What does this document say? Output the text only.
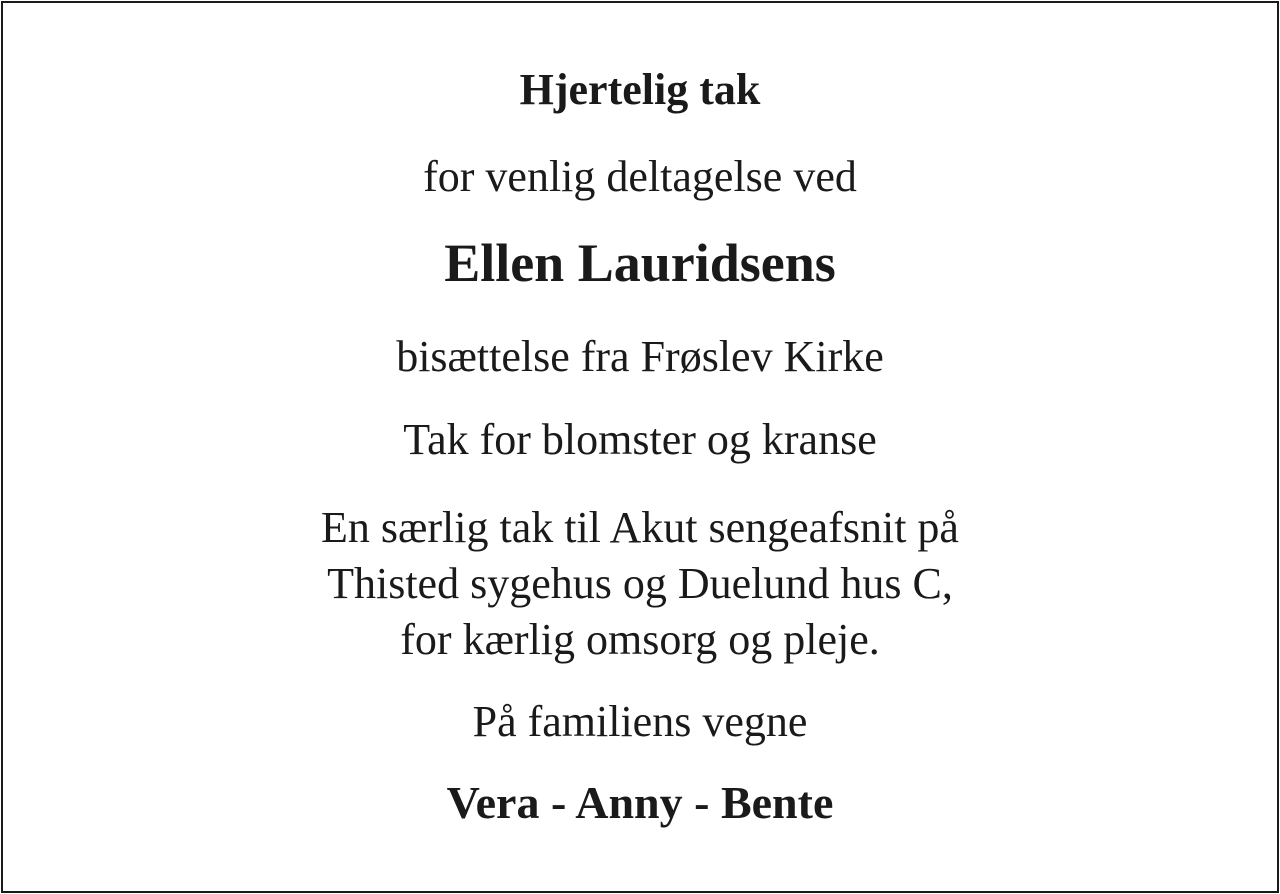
Hjertelig tak
for venlig deltagelse ved
Ellen Lauridsens
bisættelse fra Frøslev Kirke
Tak for blomster og kranse
En særlig tak til Akut sengeafsnit på
Thisted sygehus og Duelund hus C,
for kærlig omsorg og pleje.
På familiens vegne
Vera - Anny - Bente
